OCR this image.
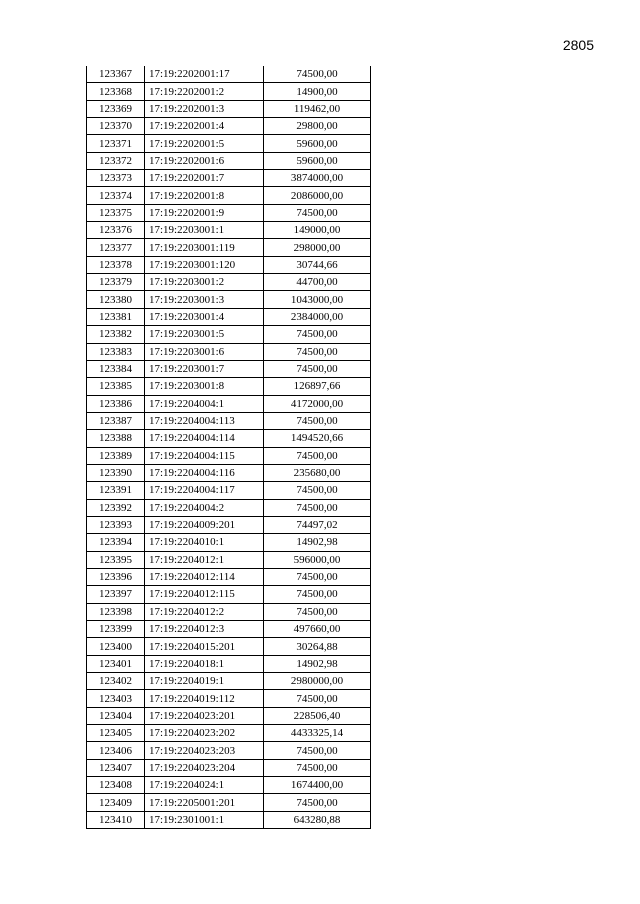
2805
123367	17:19:2202001:17	74500,00
123368	17:19:2202001:2	14900,00
123369	17:19:2202001:3	119462,00
123370	17:19:2202001:4	29800,00
123371	17:19:2202001:5	59600,00
123372	17:19:2202001:6	59600,00
123373	17:19:2202001:7	3874000,00
123374	17:19:2202001:8	2086000,00
123375	17:19:2202001:9	74500,00
123376	17:19:2203001:1	149000,00
123377	17:19:2203001:119	298000,00
123378	17:19:2203001:120	30744,66
123379	17:19:2203001:2	44700,00
123380	17:19:2203001:3	1043000,00
123381	17:19:2203001:4	2384000,00
123382	17:19:2203001:5	74500,00
123383	17:19:2203001:6	74500,00
123384	17:19:2203001:7	74500,00
123385	17:19:2203001:8	126897,66
123386	17:19:2204004:1	4172000,00
123387	17:19:2204004:113	74500,00
123388	17:19:2204004:114	1494520,66
123389	17:19:2204004:115	74500,00
123390	17:19:2204004:116	235680,00
123391	17:19:2204004:117	74500,00
123392	17:19:2204004:2	74500,00
123393	17:19:2204009:201	74497,02
123394	17:19:2204010:1	14902,98
123395	17:19:2204012:1	596000,00
123396	17:19:2204012:114	74500,00
123397	17:19:2204012:115	74500,00
123398	17:19:2204012:2	74500,00
123399	17:19:2204012:3	497660,00
123400	17:19:2204015:201	30264,88
123401	17:19:2204018:1	14902,98
123402	17:19:2204019:1	2980000,00
123403	17:19:2204019:112	74500,00
123404	17:19:2204023:201	228506,40
123405	17:19:2204023:202	4433325,14
123406	17:19:2204023:203	74500,00
123407	17:19:2204023:204	74500,00
123408	17:19:2204024:1	1674400,00
123409	17:19:2205001:201	74500,00
123410	17:19:2301001:1	643280,88
